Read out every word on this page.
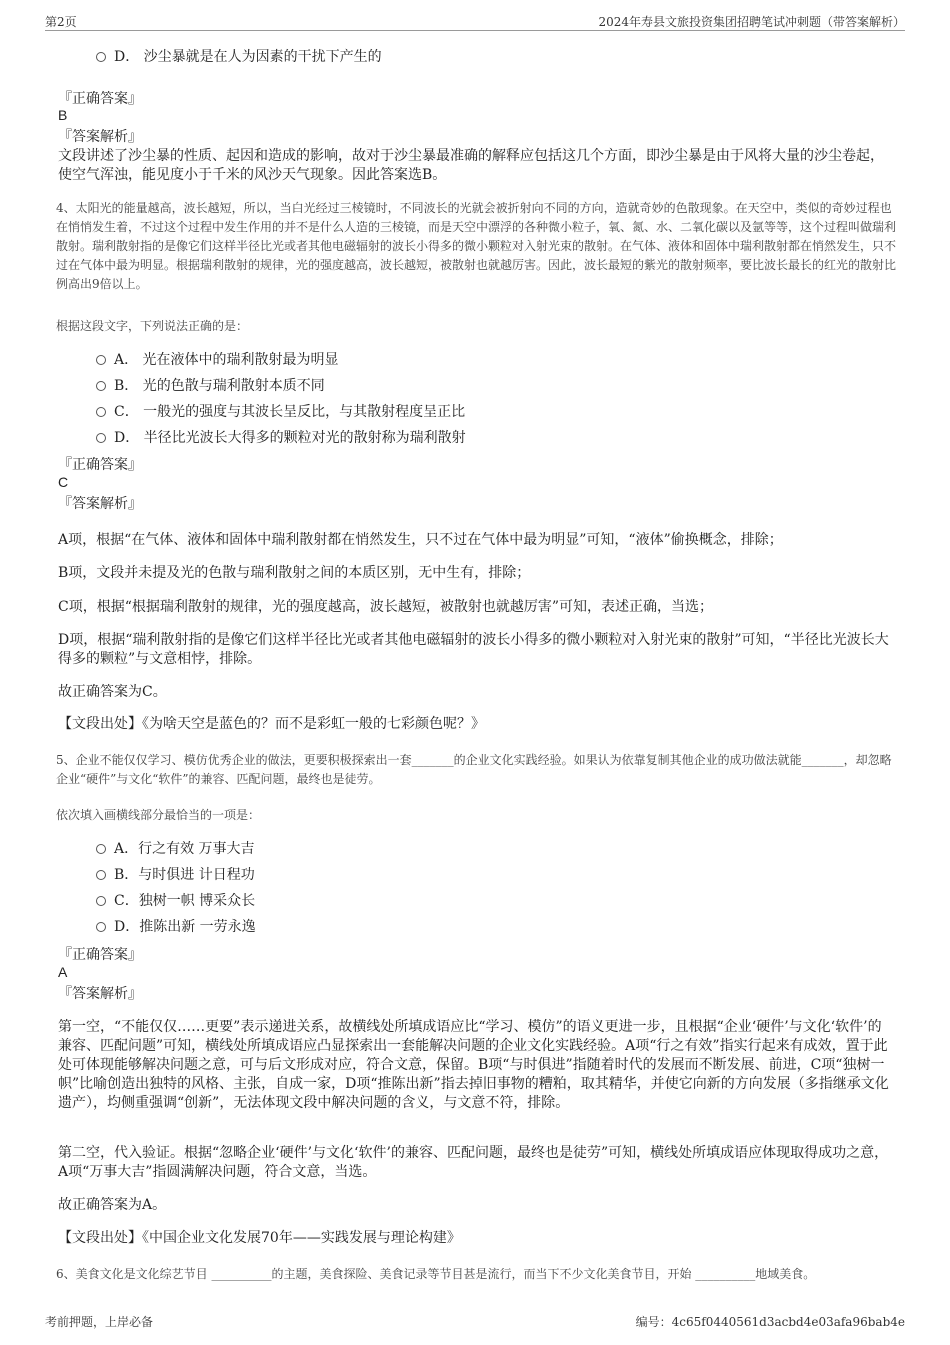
第2页	2024年寿县文旅投资集团招聘笔试冲刺题（带答案解析）
D． 沙尘暴就是在人为因素的干扰下产生的
『正确答案』
B
『答案解析』
文段讲述了沙尘暴的性质、起因和造成的影响，故对于沙尘暴最准确的解释应包括这几个方面，即沙尘暴是由于风将大量的沙尘卷起，使空气浑浊，能见度小于千米的风沙天气现象。因此答案选B。
4、太阳光的能量越高，波长越短，所以，当白光经过三棱镜时，不同波长的光就会被折射向不同的方向，造就奇妙的色散现象。在天空中，类似的奇妙过程也在悄悄发生着，不过这个过程中发生作用的并不是什么人造的三棱镜，而是天空中漂浮的各种微小粒子，氧、氮、水、二氧化碳以及氩等等，这个过程叫做瑞利散射。瑞利散射指的是像它们这样半径比光或者其他电磁辐射的波长小得多的微小颗粒对入射光束的散射。在气体、液体和固体中瑞利散射都在悄然发生，只不过在气体中最为明显。根据瑞利散射的规律，光的强度越高，波长越短，被散射也就越厉害。因此，波长最短的紫光的散射频率，要比波长最长的红光的散射比例高出9倍以上。
根据这段文字，下列说法正确的是：
A． 光在液体中的瑞利散射最为明显
B． 光的色散与瑞利散射本质不同
C． 一般光的强度与其波长呈反比，与其散射程度呈正比
D． 半径比光波长大得多的颗粒对光的散射称为瑞利散射
『正确答案』
C
『答案解析』
A项，根据“在气体、液体和固体中瑞利散射都在悄然发生，只不过在气体中最为明显”可知，“液体”偷换概念，排除；
B项，文段并未提及光的色散与瑞利散射之间的本质区别，无中生有，排除；
C项，根据“根据瑞利散射的规律，光的强度越高，波长越短，被散射也就越厉害”可知，表述正确，当选；
D项，根据“瑞利散射指的是像它们这样半径比光或者其他电磁辐射的波长小得多的微小颗粒对入射光束的散射”可知，“半径比光波长大得多的颗粒”与文意相悖，排除。
故正确答案为C。
【文段出处】《为啥天空是蓝色的？而不是彩虹一般的七彩颜色呢？》
5、企业不能仅仅学习、模仿优秀企业的做法，更要积极探索出一套_______的企业文化实践经验。如果认为依靠复制其他企业的成功做法就能_______，却忽略企业“硬件”与文化“软件”的兼容、匹配问题，最终也是徒劳。
依次填入画横线部分最恰当的一项是：
A．行之有效 万事大吉
B．与时俱进 计日程功
C．独树一帜 博采众长
D．推陈出新 一劳永逸
『正确答案』
A
『答案解析』
第一空，“不能仅仅……更要”表示递进关系，故横线处所填成语应比“学习、模仿”的语义更进一步，且根据“企业‘硬件’与文化‘软件’的兼容、匹配问题”可知，横线处所填成语应凸显探索出一套能解决问题的企业文化实践经验。A项“行之有效”指实行起来有成效，置于此处可体现能够解决问题之意，可与后文形成对应，符合文意，保留。B项“与时俱进”指随着时代的发展而不断发展、前进，C项“独树一帜”比喻创造出独特的风格、主张，自成一家，D项“推陈出新”指去掉旧事物的糟粕，取其精华，并使它向新的方向发展（多指继承文化遗产），均侧重强调“创新”，无法体现文段中解决问题的含义，与文意不符，排除。
第二空，代入验证。根据“忽略企业‘硬件’与文化‘软件’的兼容、匹配问题，最终也是徒劳”可知，横线处所填成语应体现取得成功之意，A项“万事大吉”指圆满解决问题，符合文意，当选。
故正确答案为A。
【文段出处】《中国企业文化发展70年——实践发展与理论构建》
6、美食文化是文化综艺节目 __________的主题，美食探险、美食记录等节目甚是流行，而当下不少文化美食节目，开始 __________地域美食。
考前押题，上岸必备	编号：4c65f0440561d3acbd4e03afa96bab4e
